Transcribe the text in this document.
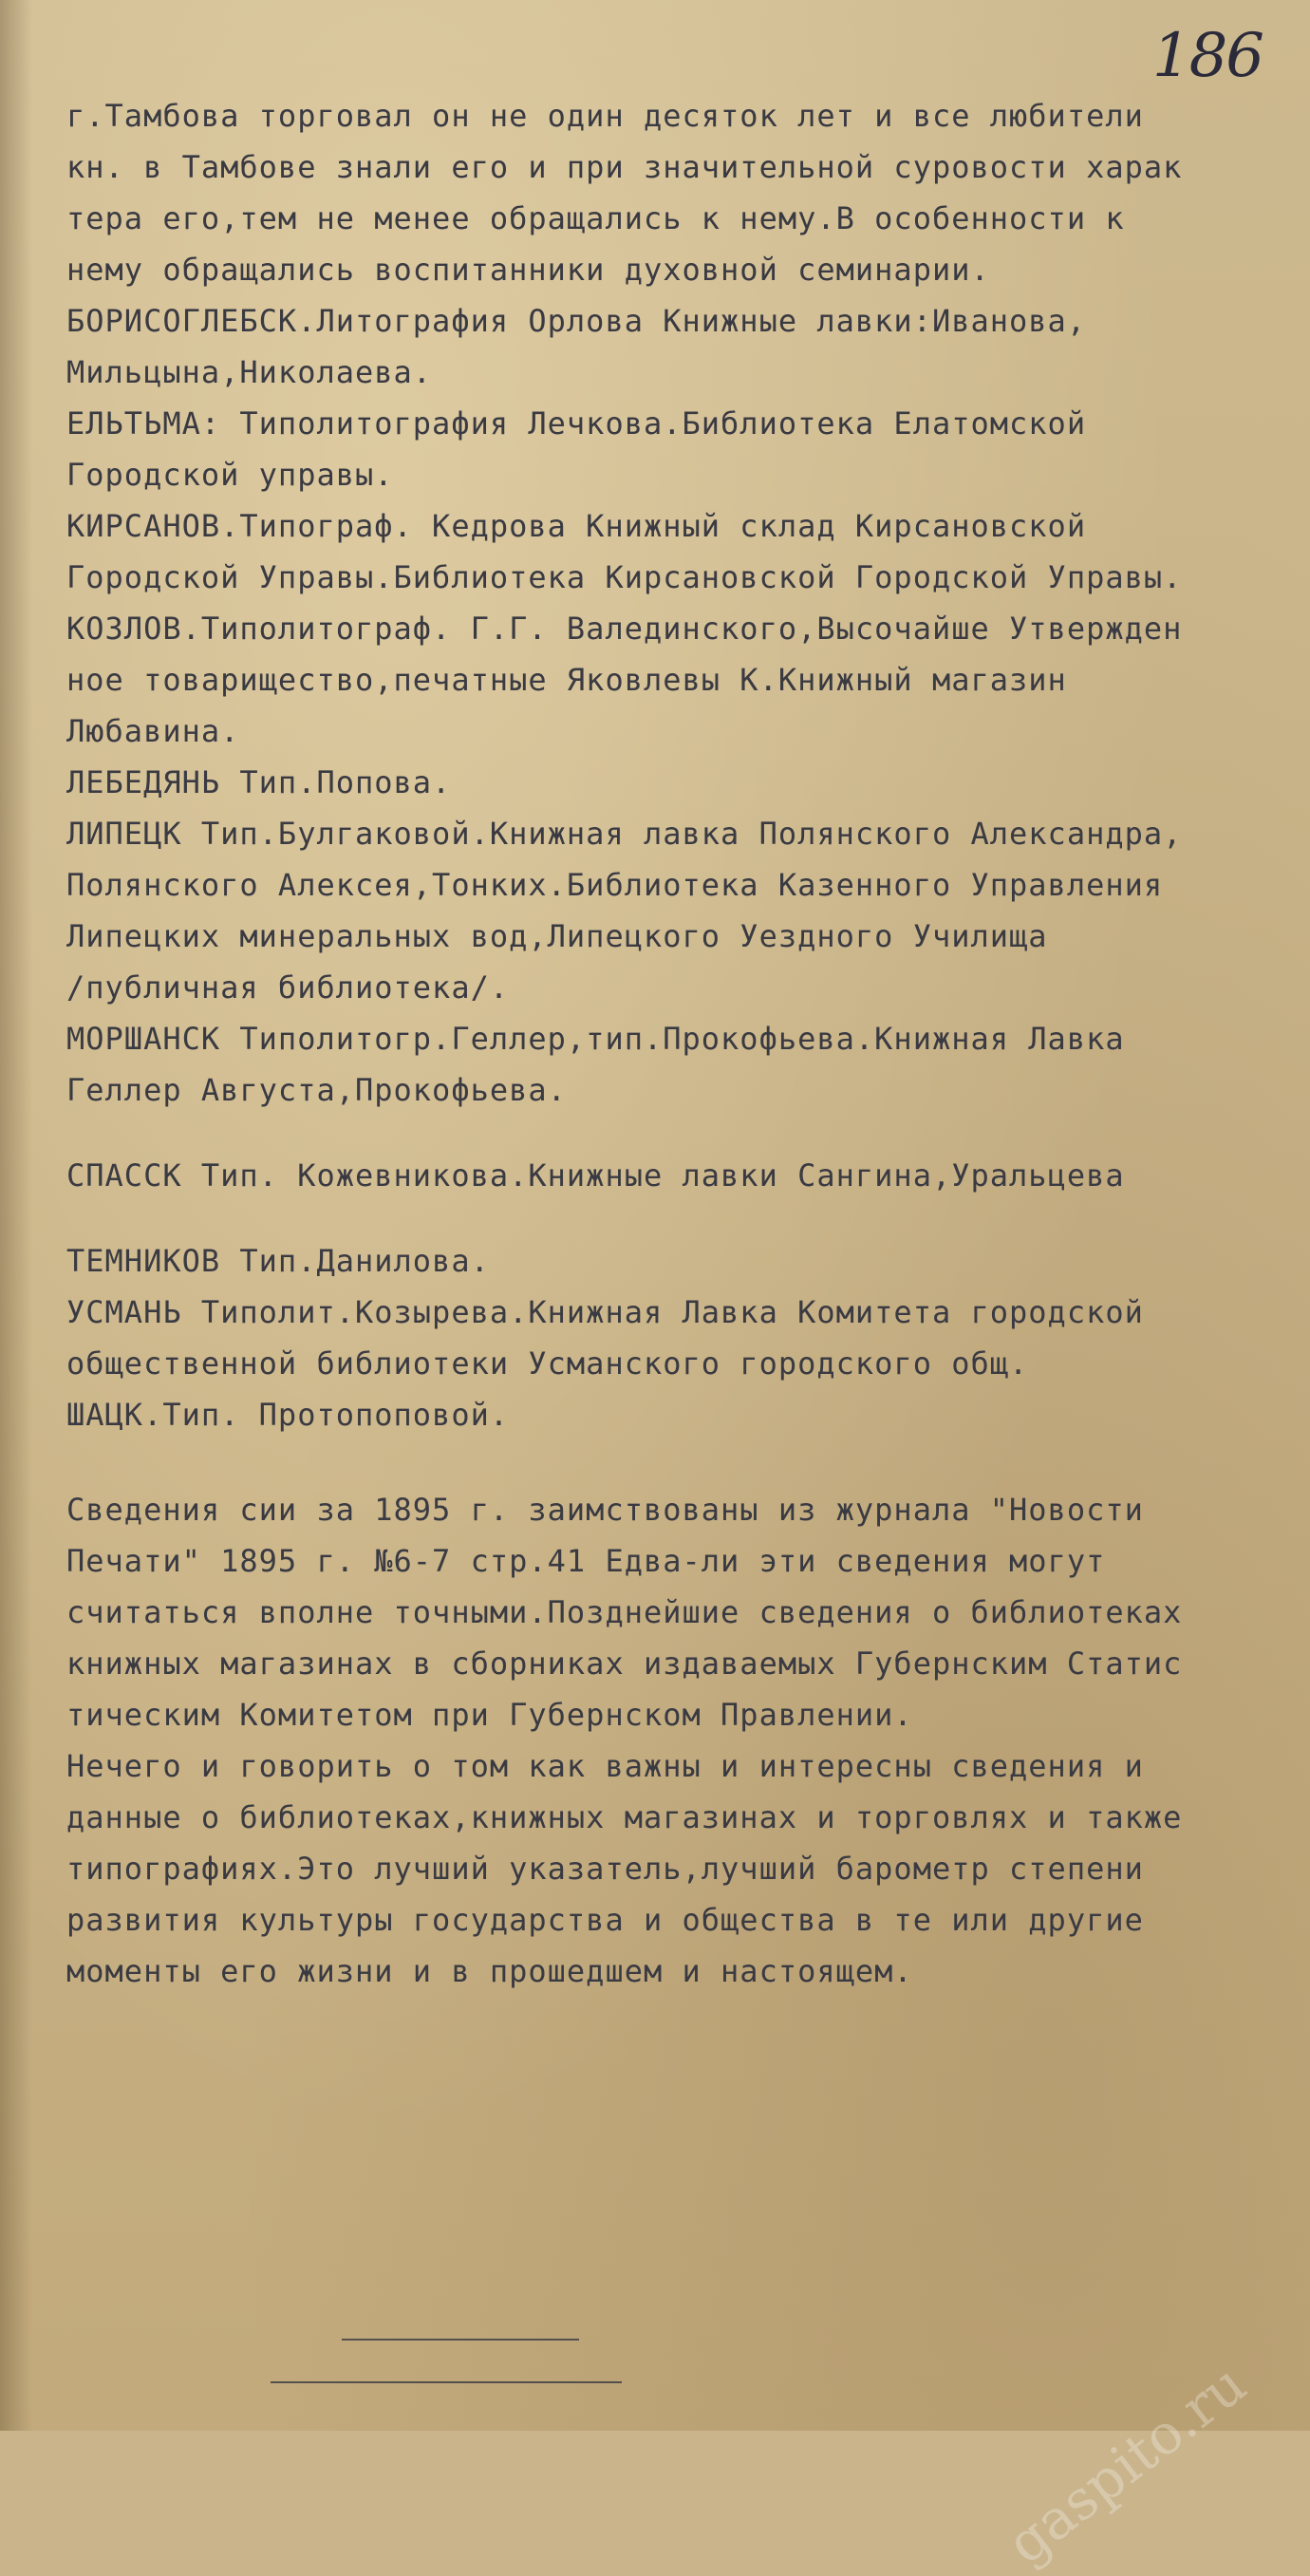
186
г.Тамбова торговал он не один десяток лет и все любители
кн. в Тамбове знали его и при значительной суровости харак
тера его,тем не менее обращались к нему.В особенности к
нему обращались воспитанники духовной семинарии.
БОРИСОГЛЕБСК.Литография Орлова Книжные лавки:Иванова,
Мильцына,Николаева.
ЕЛЬТЬМА: Типолитография Лечкова.Библиотека Елатомской
Городской управы.
КИРСАНОВ.Типограф. Кедрова Книжный склад Кирсановской
Городской Управы.Библиотека Кирсановской Городской Управы.
КОЗЛОВ.Типолитограф. Г.Г. Валединского,Высочайше Утвержден
ное товарищество,печатные Яковлевы К.Книжный магазин
Любавина.
ЛЕБЕДЯНЬ Тип.Попова.
ЛИПЕЦК Тип.Булгаковой.Книжная лавка Полянского Александра,
Полянского Алексея,Тонких.Библиотека Казенного Управления
Липецких минеральных вод,Липецкого Уездного Училища
/публичная библиотека/.
МОРШАНСК Типолитогр.Геллер,тип.Прокофьева.Книжная Лавка
Геллер Августа,Прокофьева.
СПАССК Тип. Кожевникова.Книжные лавки Сангина,Уральцева
ТЕМНИКОВ Тип.Данилова.
УСМАНЬ Типолит.Козырева.Книжная Лавка Комитета городской
общественной библиотеки Усманского городского общ.
ШАЦК.Тип. Протопоповой.
Сведения сии за 1895 г. заимствованы из журнала "Новости
Печати" 1895 г. №6-7 стр.41 Едва-ли эти сведения могут
считаться вполне точными.Позднейшие сведения о библиотеках
книжных магазинах в сборниках издаваемых Губернским Статис
тическим Комитетом при Губернском Правлении.
Нечего и говорить о том как важны и интересны сведения и
данные о библиотеках,книжных магазинах и торговлях и также
типографиях.Это лучший указатель,лучший барометр степени
развития культуры государства и общества в те или другие
моменты его жизни и в прошедшем и настоящем.
gaspito.ru
